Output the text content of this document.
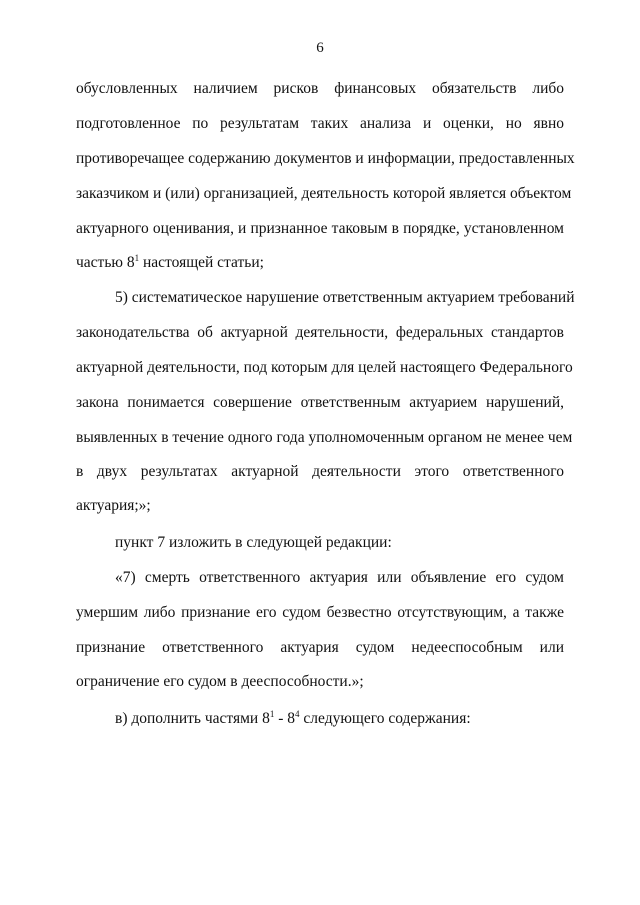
6
обусловленных наличием рисков финансовых обязательств либо
подготовленное по результатам таких анализа и оценки, но явно
противоречащее содержанию документов и информации, предоставленных
заказчиком и (или) организацией, деятельность которой является объектом
актуарного оценивания, и признанное таковым в порядке, установленном
частью $8^1$ настоящей статьи;
5) систематическое нарушение ответственным актуарием требований
законодательства об актуарной деятельности, федеральных стандартов
актуарной деятельности, под которым для целей настоящего Федерального
закона понимается совершение ответственным актуарием нарушений,
выявленных в течение одного года уполномоченным органом не менее чем
в двух результатах актуарной деятельности этого ответственного
актуария;»;
пункт 7 изложить в следующей редакции:
«7) смерть ответственного актуария или объявление его судом
умершим либо признание его судом безвестно отсутствующим, а также
признание ответственного актуария судом недееспособным или
ограничение его судом в дееспособности.»;
в) дополнить частями $8^1 - 8^4$ следующего содержания:
